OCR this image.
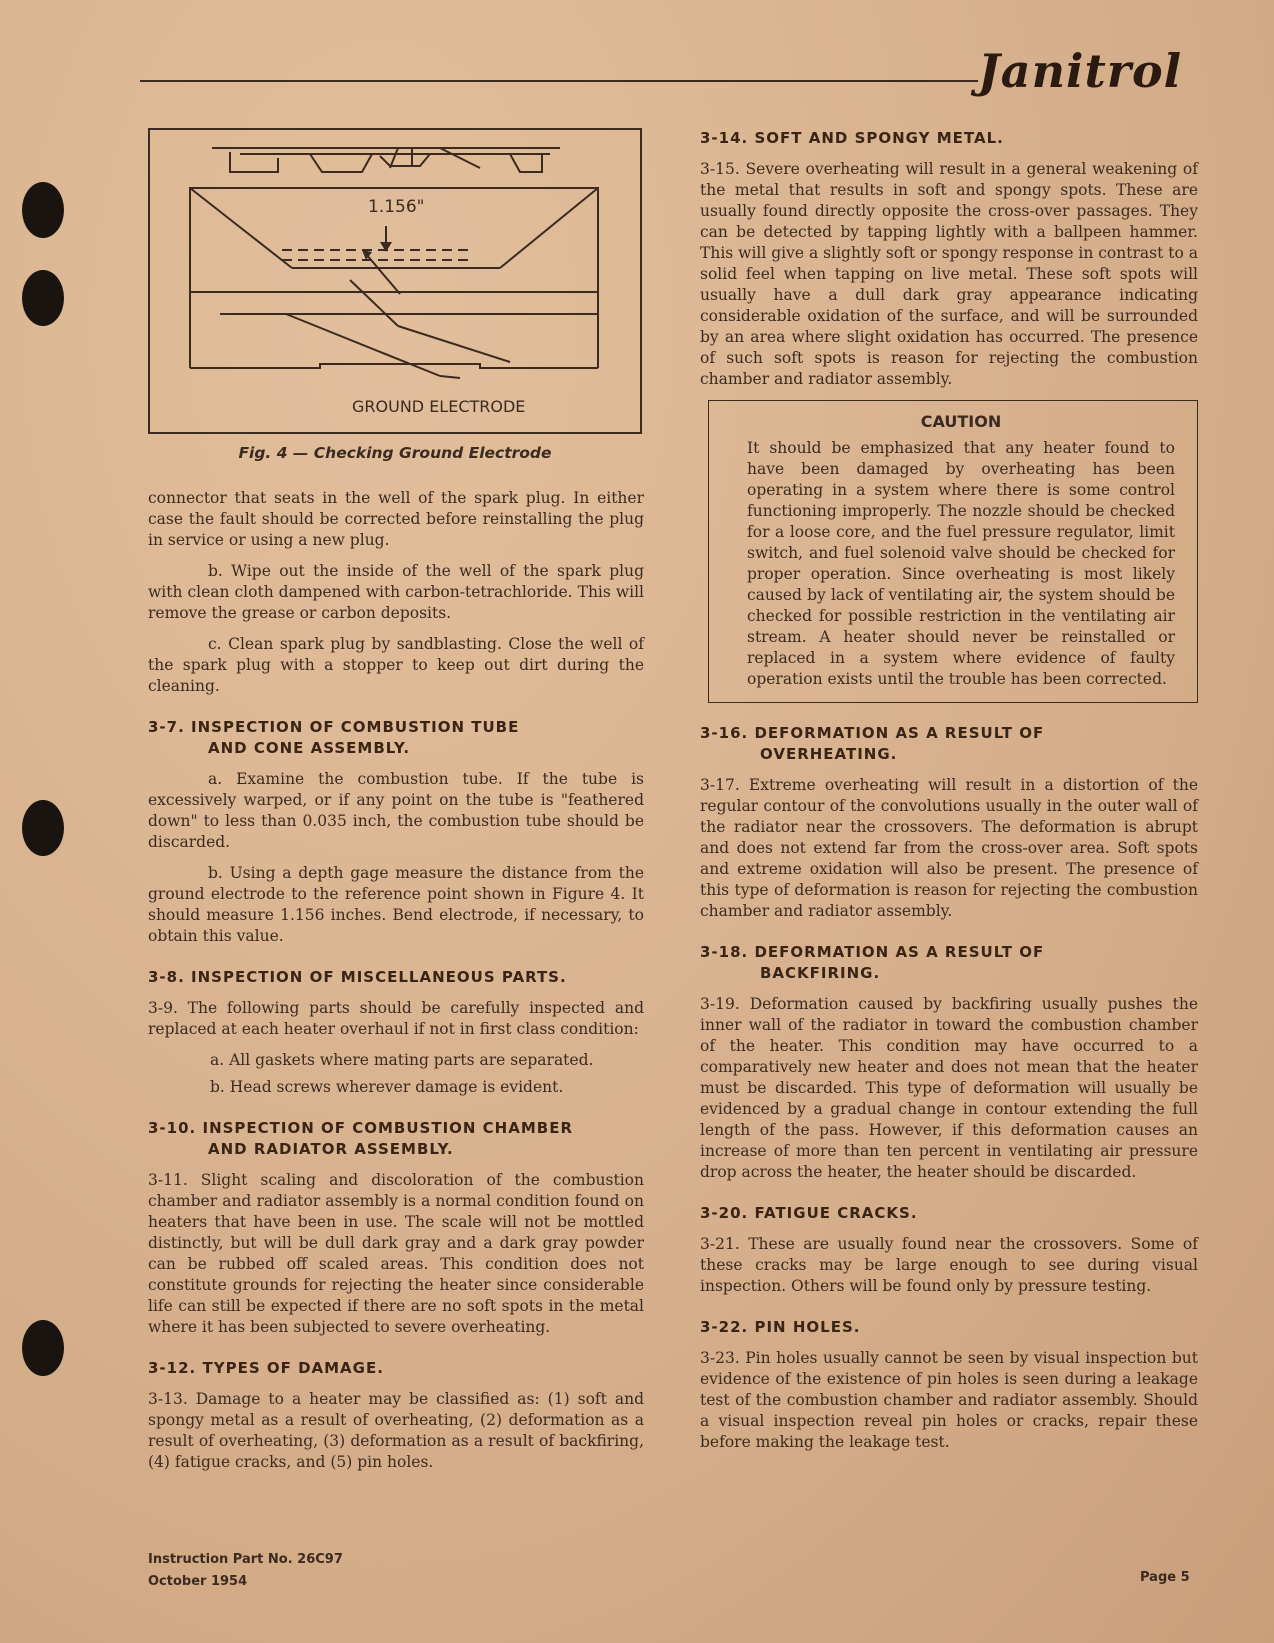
Janitrol
1.156"
GROUND ELECTRODE
Fig. 4 — Checking Ground Electrode

connector that seats in the well of the spark plug. In either case the fault should be corrected before reinstalling the plug in service or using a new plug.

b. Wipe out the inside of the well of the spark plug with clean cloth dampened with carbon-tetrachloride. This will remove the grease or carbon deposits.

c. Clean spark plug by sandblasting. Close the well of the spark plug with a stopper to keep out dirt during the cleaning.

3-7. INSPECTION OF COMBUSTION TUBE
AND CONE ASSEMBLY.

a. Examine the combustion tube. If the tube is excessively warped, or if any point on the tube is "feathered down" to less than 0.035 inch, the combustion tube should be discarded.

b. Using a depth gage measure the distance from the ground electrode to the reference point shown in Figure 4. It should measure 1.156 inches. Bend electrode, if necessary, to obtain this value.

3-8. INSPECTION OF MISCELLANEOUS PARTS.

3-9. The following parts should be carefully inspected and replaced at each heater overhaul if not in first class condition:

a. All gaskets where mating parts are separated.

b. Head screws wherever damage is evident.

3-10. INSPECTION OF COMBUSTION CHAMBER
AND RADIATOR ASSEMBLY.

3-11. Slight scaling and discoloration of the combustion chamber and radiator assembly is a normal condition found on heaters that have been in use. The scale will not be mottled distinctly, but will be dull dark gray and a dark gray powder can be rubbed off scaled areas. This condition does not constitute grounds for rejecting the heater since considerable life can still be expected if there are no soft spots in the metal where it has been subjected to severe overheating.

3-12. TYPES OF DAMAGE.

3-13. Damage to a heater may be classified as: (1) soft and spongy metal as a result of overheating, (2) deformation as a result of overheating, (3) deformation as a result of backfiring, (4) fatigue cracks, and (5) pin holes.

3-14. SOFT AND SPONGY METAL.

3-15. Severe overheating will result in a general weakening of the metal that results in soft and spongy spots. These are usually found directly opposite the cross-over passages. They can be detected by tapping lightly with a ballpeen hammer. This will give a slightly soft or spongy response in contrast to a solid feel when tapping on live metal. These soft spots will usually have a dull dark gray appearance indicating considerable oxidation of the surface, and will be surrounded by an area where slight oxidation has occurred. The presence of such soft spots is reason for rejecting the combustion chamber and radiator assembly.

CAUTION

It should be emphasized that any heater found to have been damaged by overheating has been operating in a system where there is some control functioning improperly. The nozzle should be checked for a loose core, and the fuel pressure regulator, limit switch, and fuel solenoid valve should be checked for proper operation. Since overheating is most likely caused by lack of ventilating air, the system should be checked for possible restriction in the ventilating air stream. A heater should never be reinstalled or replaced in a system where evidence of faulty operation exists until the trouble has been corrected.

3-16. DEFORMATION AS A RESULT OF
OVERHEATING.

3-17. Extreme overheating will result in a distortion of the regular contour of the convolutions usually in the outer wall of the radiator near the crossovers. The deformation is abrupt and does not extend far from the cross-over area. Soft spots and extreme oxidation will also be present. The presence of this type of deformation is reason for rejecting the combustion chamber and radiator assembly.

3-18. DEFORMATION AS A RESULT OF
BACKFIRING.

3-19. Deformation caused by backfiring usually pushes the inner wall of the radiator in toward the combustion chamber of the heater. This condition may have occurred to a comparatively new heater and does not mean that the heater must be discarded. This type of deformation will usually be evidenced by a gradual change in contour extending the full length of the pass. However, if this deformation causes an increase of more than ten percent in ventilating air pressure drop across the heater, the heater should be discarded.

3-20. FATIGUE CRACKS.

3-21. These are usually found near the crossovers. Some of these cracks may be large enough to see during visual inspection. Others will be found only by pressure testing.

3-22. PIN HOLES.

3-23. Pin holes usually cannot be seen by visual inspection but evidence of the existence of pin holes is seen during a leakage test of the combustion chamber and radiator assembly. Should a visual inspection reveal pin holes or cracks, repair these before making the leakage test.

Instruction Part No. 26C97
October 1954	Page 5
